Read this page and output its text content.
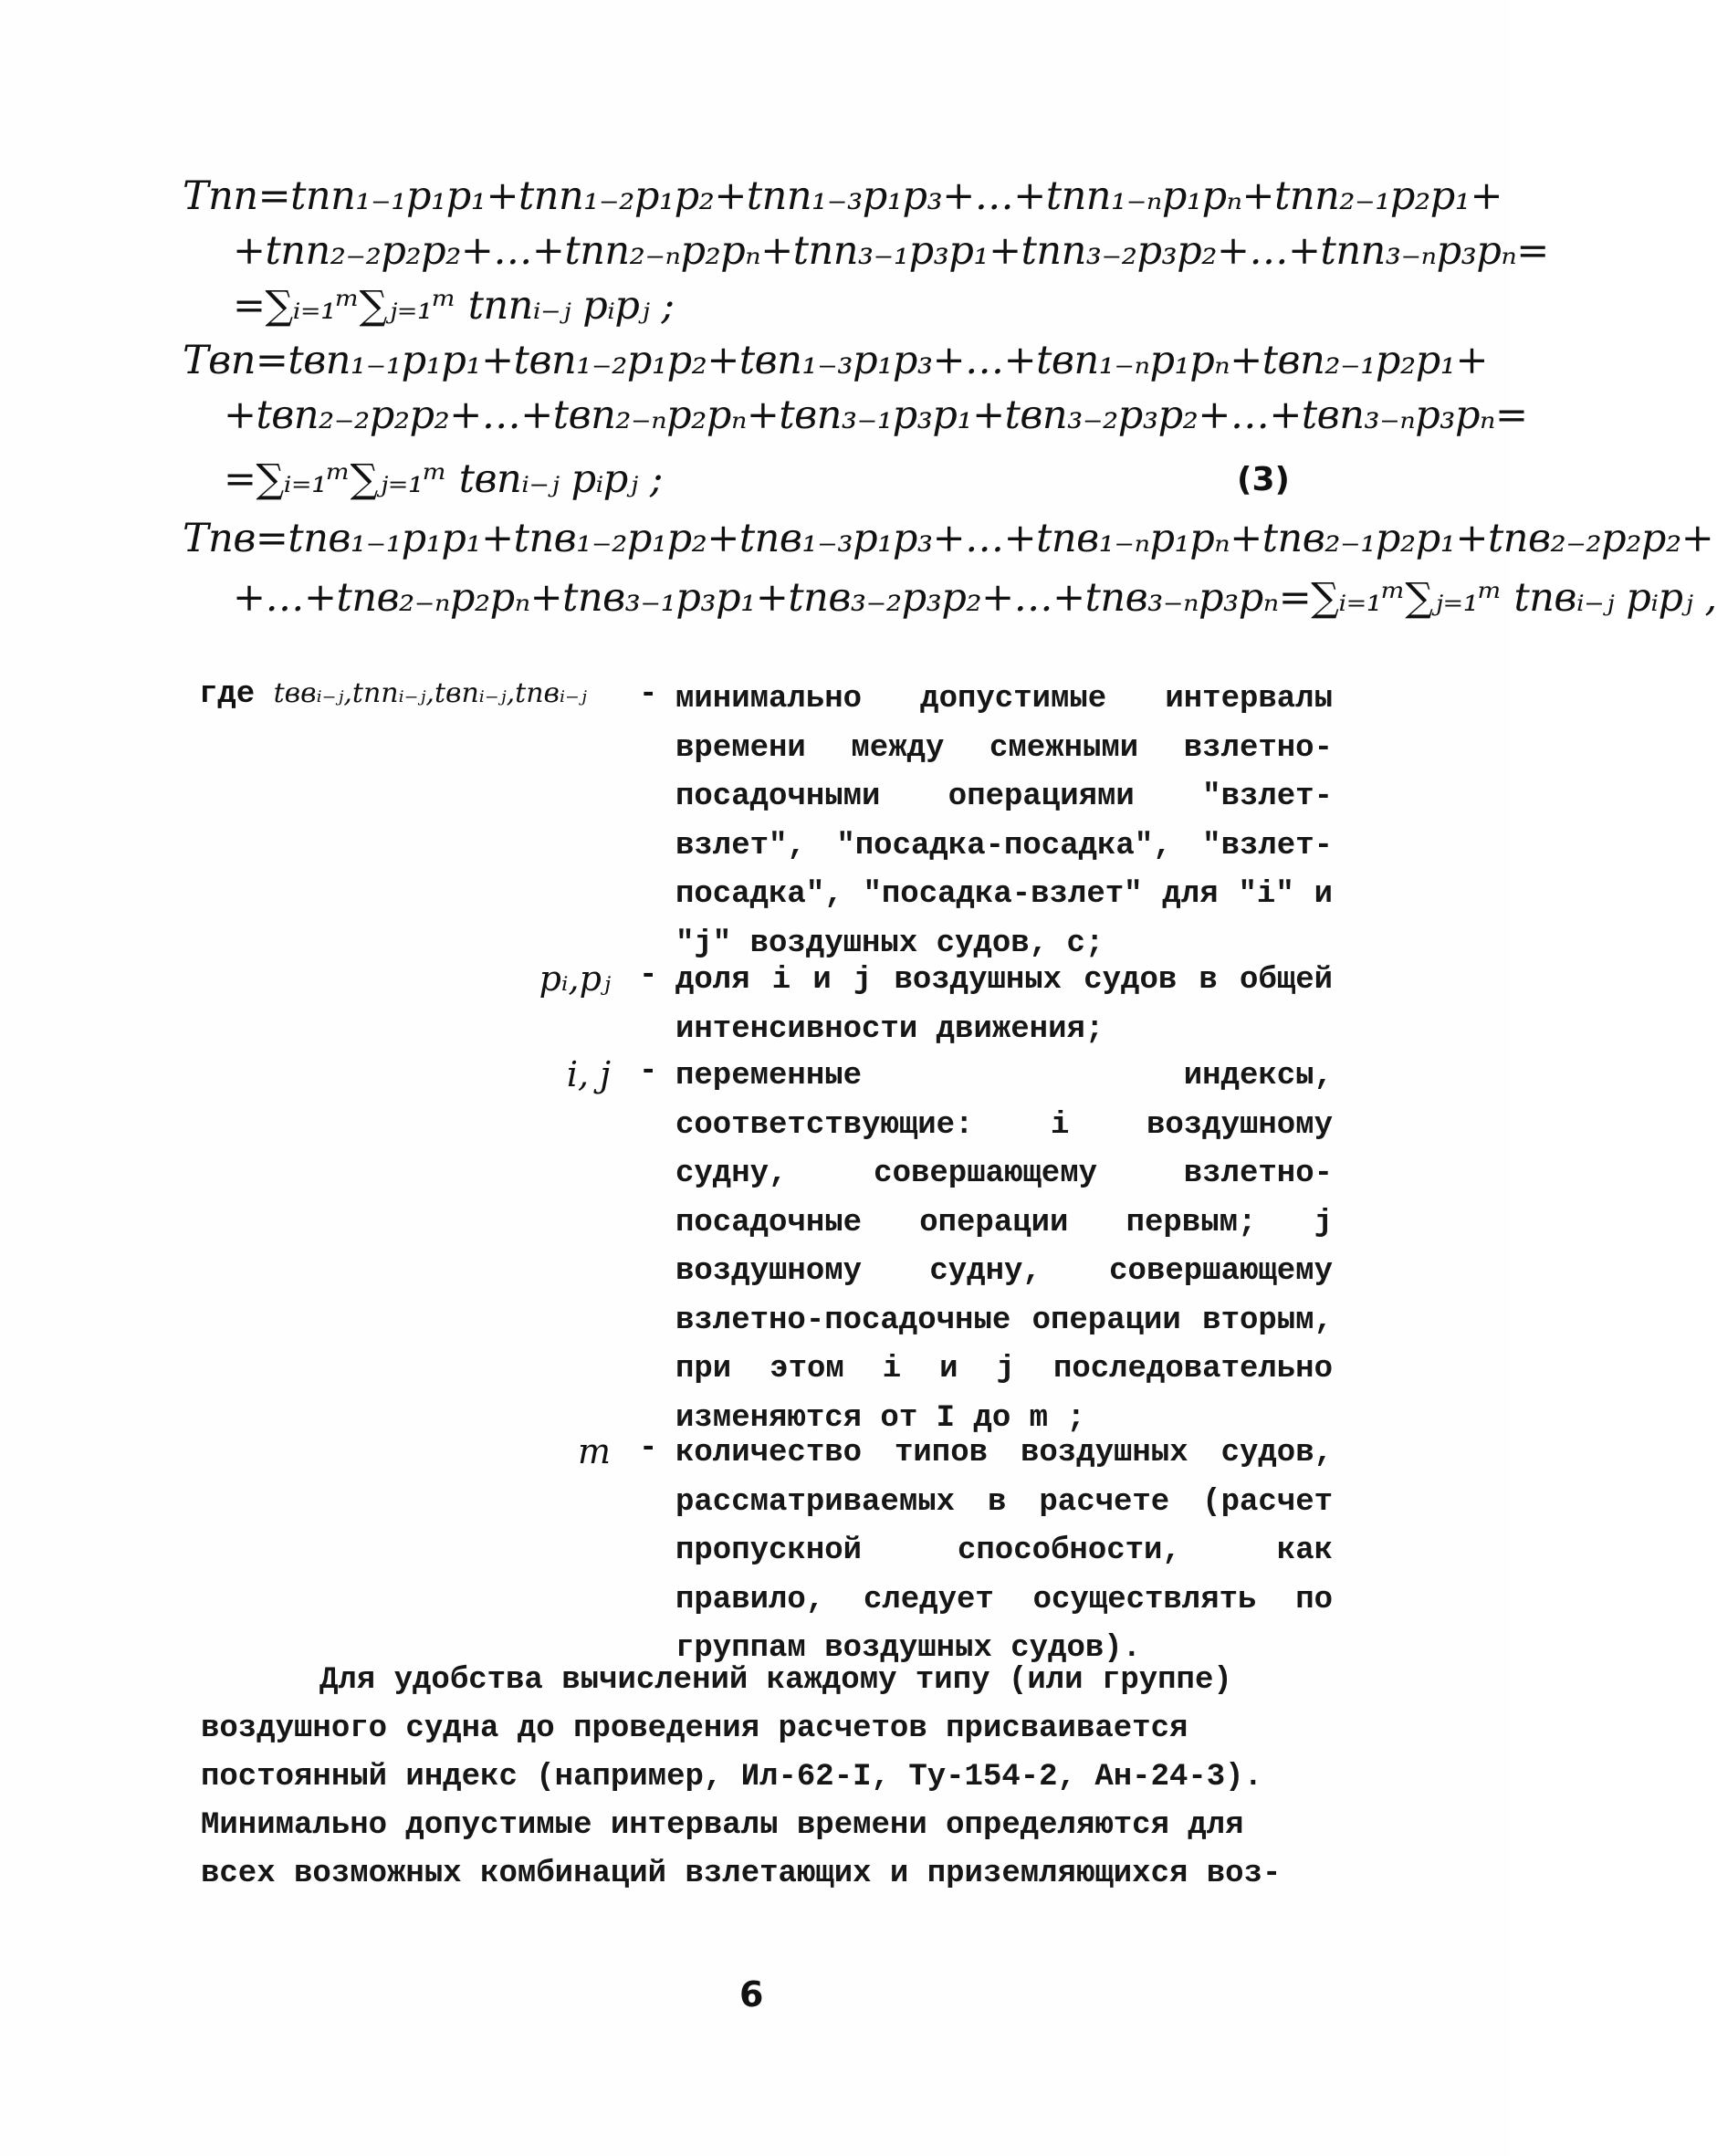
Tпп=tпп₁₋₁p₁p₁+tпп₁₋₂p₁p₂+tпп₁₋₃p₁p₃+…+tпп₁₋ₙp₁pₙ+tпп₂₋₁p₂p₁+
+tпп₂₋₂p₂p₂+…+tпп₂₋ₙp₂pₙ+tпп₃₋₁p₃p₁+tпп₃₋₂p₃p₂+…+tпп₃₋ₙp₃pₙ=
=∑ᵢ₌₁ᵐ∑ⱼ₌₁ᵐ tппᵢ₋ⱼ pᵢpⱼ ;
Tвп=tвп₁₋₁p₁p₁+tвп₁₋₂p₁p₂+tвп₁₋₃p₁p₃+…+tвп₁₋ₙp₁pₙ+tвп₂₋₁p₂p₁+
+tвп₂₋₂p₂p₂+…+tвп₂₋ₙp₂pₙ+tвп₃₋₁p₃p₁+tвп₃₋₂p₃p₂+…+tвп₃₋ₙp₃pₙ=
=∑ᵢ₌₁ᵐ∑ⱼ₌₁ᵐ tвпᵢ₋ⱼ pᵢpⱼ ;	(3)
Tпв=tпв₁₋₁p₁p₁+tпв₁₋₂p₁p₂+tпв₁₋₃p₁p₃+…+tпв₁₋ₙp₁pₙ+tпв₂₋₁p₂p₁+tпв₂₋₂p₂p₂+
+…+tпв₂₋ₙp₂pₙ+tпв₃₋₁p₃p₁+tпв₃₋₂p₃p₂+…+tпв₃₋ₙp₃pₙ=∑ᵢ₌₁ᵐ∑ⱼ₌₁ᵐ tпвᵢ₋ⱼ pᵢpⱼ ,
где tввᵢ₋ⱼ,tппᵢ₋ⱼ,tвпᵢ₋ⱼ,tпвᵢ₋ⱼ - минимально допустимые интервалы времени между смежными взлетно-посадочными операциями "взлет-взлет", "посадка-посадка", "взлет-посадка", "посадка-взлет" для "i" и "j" воздушных судов, с;
pᵢ,pⱼ - доля i и j воздушных судов в общей интенсивности движения;
i, j - переменные индексы, соответствующие: i воздушному судну, совершающему взлетно-посадочные операции первым; j воздушному судну, совершающему взлетно-посадочные операции вторым, при этом i и j последовательно изменяются от I до m ;
m - количество типов воздушных судов, рассматриваемых в расчете (расчет пропускной способности, как правило, следует осуществлять по группам воздушных судов).
Для удобства вычислений каждому типу (или группе) воздушного судна до проведения расчетов присваивается постоянный индекс (например, Ил-62-I, Ту-154-2, Ан-24-3). Минимально допустимые интервалы времени определяются для всех возможных комбинаций взлетающих и приземляющихся воз-
6
